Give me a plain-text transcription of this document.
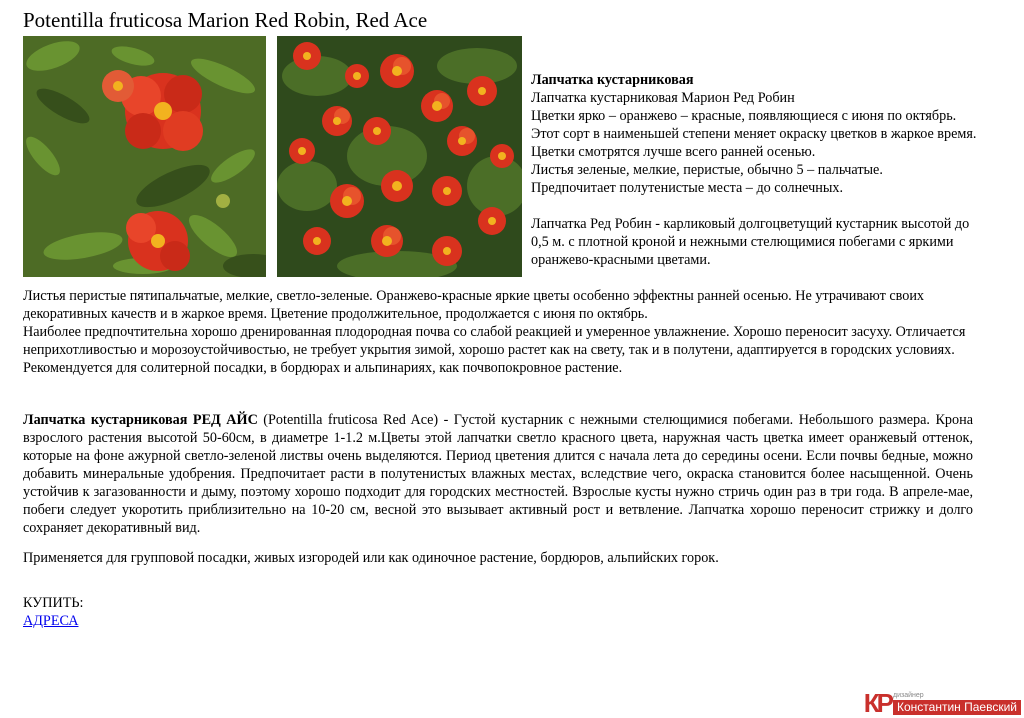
Potentilla fruticosa Marion Red Robin, Red Ace

Лапчатка кустарниковая

Лапчатка кустарниковая Марион Ред Робин

Цветки ярко – оранжево – красные, появляющиеся с июня по октябрь. Этот сорт в наименьшей степени меняет окраску цветков в жаркое время. Цветки смотрятся лучше всего ранней осенью.

Листья зеленые, мелкие, перистые, обычно 5 – пальчатые.

Предпочитает полутенистые места – до солнечных.

Лапчатка Ред Робин - карликовый долгоцветущий кустарник высотой до 0,5 м. с плотной кроной и нежными стелющимися побегами с яркими оранжево-красными цветами.

Листья перистые пятипальчатые, мелкие, светло-зеленые. Оранжево-красные яркие цветы особенно эффектны ранней осенью. Не утрачивают своих декоративных качеств и в жаркое время. Цветение продолжительное, продолжается с июня по октябрь.

Наиболее предпочтительна хорошо дренированная плодородная почва со слабой реакцией и умеренное увлажнение. Хорошо переносит засуху. Отличается неприхотливостью и морозоустойчивостью, не требует укрытия зимой, хорошо растет как на свету, так и в полутени, адаптируется в городских условиях.

Рекомендуется для солитерной посадки, в бордюрах и альпинариях, как почвопокровное растение.

Лапчатка кустарниковая РЕД АЙС (Potentilla fruticosa Red Ace) - Густой кустарник с нежными стелющимися побегами. Небольшого размера. Крона взрослого растения высотой 50-60см, в диаметре 1-1.2 м.Цветы этой лапчатки светло красного цвета, наружная часть цветка имеет оранжевый оттенок, которые на фоне ажурной светло-зеленой листвы очень выделяются. Период цветения длится с начала лета до середины осени. Если почвы бедные, можно добавить минеральные удобрения. Предпочитает расти в полутенистых влажных местах, вследствие чего, окраска становится более насыщенной. Очень устойчив к загазованности и дыму, поэтому хорошо подходит для городских местностей. Взрослые кусты нужно стричь один раз в три года. В апреле-мае, побеги следует укоротить приблизительно на 10-20 см, весной это вызывает активный рост и ветвление. Лапчатка хорошо переносит стрижку и долго сохраняет декоративный вид.

Применяется для групповой посадки, живых изгородей или как одиночное растение, бордюров, альпийских горок.

КУПИТЬ:

АДРЕСА

КР дизайнер
Константин Паевский
